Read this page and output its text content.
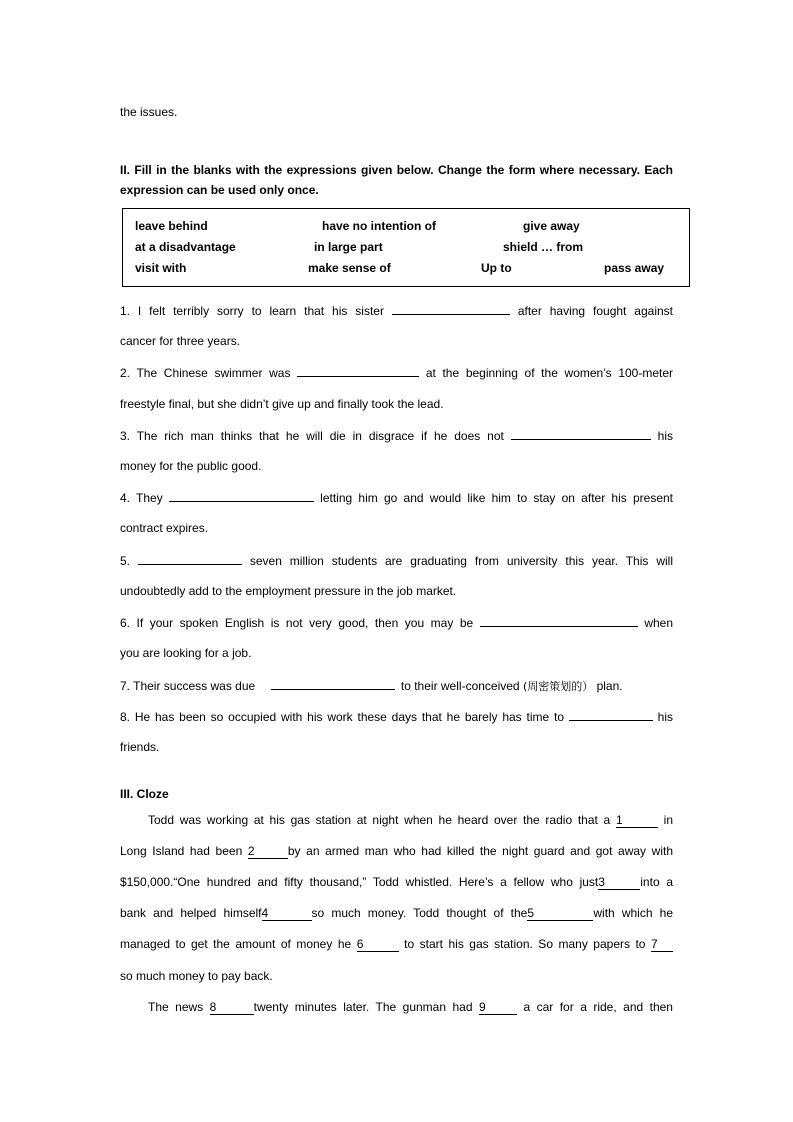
the issues.
II. Fill in the blanks with the expressions given below. Change the form where necessary. Each
expression can be used only once.
1. I felt terribly sorry to learn that his sister	after having fought against
cancer for three years.
2. The Chinese swimmer was	at the beginning of the women’s 100-meter
freestyle final, but she didn’t give up and finally took the lead.
3. The rich man thinks that he will die in disgrace if he does not	his
money for the public good.
4. They	letting him go and would like him to stay on after his present
contract expires.
5.	seven million students are graduating from university this year. This will
undoubtedly add to the employment pressure in the job market.
6. If your spoken English is not very good, then you may be	when
you are looking for a job.
7. Their success was due	to their well-conceived (周密策划的） plan.
8. He has been so occupied with his work these days that he barely has time to	his
friends.
III. Cloze
Todd was working at his gas station at night when he heard over the radio that a 1	in
Long Island had been 2	by an armed man who had killed the night guard and got away with
$150,000.“One hundred and fifty thousand,” Todd whistled. Here’s a fellow who just3	into a
bank and helped himself4	so much money. Todd thought of the5	with which he
managed to get the amount of money he 6	to start his gas station. So many papers to 7
so much money to pay back.
The news 8	twenty minutes later. The gunman had 9	a car for a ride, and then
leave behind	have no intention of	give away
at a disadvantage	in large part	shield … from
visit with	make sense of	Up to	pass away
